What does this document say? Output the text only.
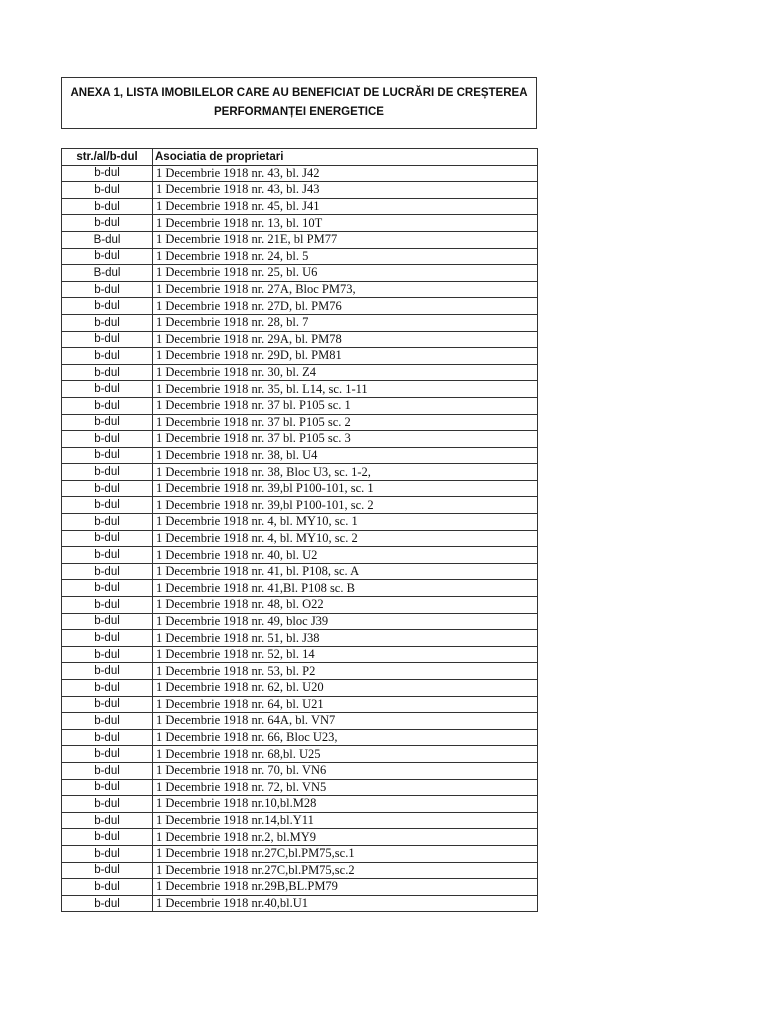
ANEXA 1, LISTA IMOBILELOR CARE AU BENEFICIAT DE LUCRĂRI DE CREȘTEREA
PERFORMANȚEI ENERGETICE
str./al/b-dul	Asociatia de proprietari
b-dul	1 Decembrie 1918 nr. 43, bl. J42
b-dul	1 Decembrie 1918 nr. 43, bl. J43
b-dul	1 Decembrie 1918 nr. 45, bl. J41
b-dul	1 Decembrie 1918 nr. 13, bl. 10T
B-dul	1 Decembrie 1918 nr. 21E, bl PM77
b-dul	1 Decembrie 1918 nr. 24, bl. 5
B-dul	1 Decembrie 1918 nr. 25, bl. U6
b-dul	1 Decembrie 1918 nr. 27A, Bloc PM73,
b-dul	1 Decembrie 1918 nr. 27D, bl. PM76
b-dul	1 Decembrie 1918 nr. 28, bl. 7
b-dul	1 Decembrie 1918 nr. 29A, bl. PM78
b-dul	1 Decembrie 1918 nr. 29D, bl. PM81
b-dul	1 Decembrie 1918 nr. 30, bl. Z4
b-dul	1 Decembrie 1918 nr. 35, bl. L14, sc. 1-11
b-dul	1 Decembrie 1918 nr. 37 bl. P105 sc. 1
b-dul	1 Decembrie 1918 nr. 37 bl. P105 sc. 2
b-dul	1 Decembrie 1918 nr. 37 bl. P105 sc. 3
b-dul	1 Decembrie 1918 nr. 38, bl. U4
b-dul	1 Decembrie 1918 nr. 38, Bloc U3, sc. 1-2,
b-dul	1 Decembrie 1918 nr. 39,bl P100-101, sc. 1
b-dul	1 Decembrie 1918 nr. 39,bl P100-101, sc. 2
b-dul	1 Decembrie 1918 nr. 4, bl. MY10, sc. 1
b-dul	1 Decembrie 1918 nr. 4, bl. MY10, sc. 2
b-dul	1 Decembrie 1918 nr. 40, bl. U2
b-dul	1 Decembrie 1918 nr. 41, bl. P108, sc. A
b-dul	1 Decembrie 1918 nr. 41,Bl. P108 sc. B
b-dul	1 Decembrie 1918 nr. 48, bl. O22
b-dul	1 Decembrie 1918 nr. 49, bloc J39
b-dul	1 Decembrie 1918 nr. 51, bl. J38
b-dul	1 Decembrie 1918 nr. 52, bl. 14
b-dul	1 Decembrie 1918 nr. 53, bl. P2
b-dul	1 Decembrie 1918 nr. 62, bl. U20
b-dul	1 Decembrie 1918 nr. 64, bl. U21
b-dul	1 Decembrie 1918 nr. 64A, bl. VN7
b-dul	1 Decembrie 1918 nr. 66, Bloc U23,
b-dul	1 Decembrie 1918 nr. 68,bl. U25
b-dul	1 Decembrie 1918 nr. 70, bl. VN6
b-dul	1 Decembrie 1918 nr. 72, bl. VN5
b-dul	1 Decembrie 1918 nr.10,bl.M28
b-dul	1 Decembrie 1918 nr.14,bl.Y11
b-dul	1 Decembrie 1918 nr.2, bl.MY9
b-dul	1 Decembrie 1918 nr.27C,bl.PM75,sc.1
b-dul	1 Decembrie 1918 nr.27C,bl.PM75,sc.2
b-dul	1 Decembrie 1918 nr.29B,BL.PM79
b-dul	1 Decembrie 1918 nr.40,bl.U1
